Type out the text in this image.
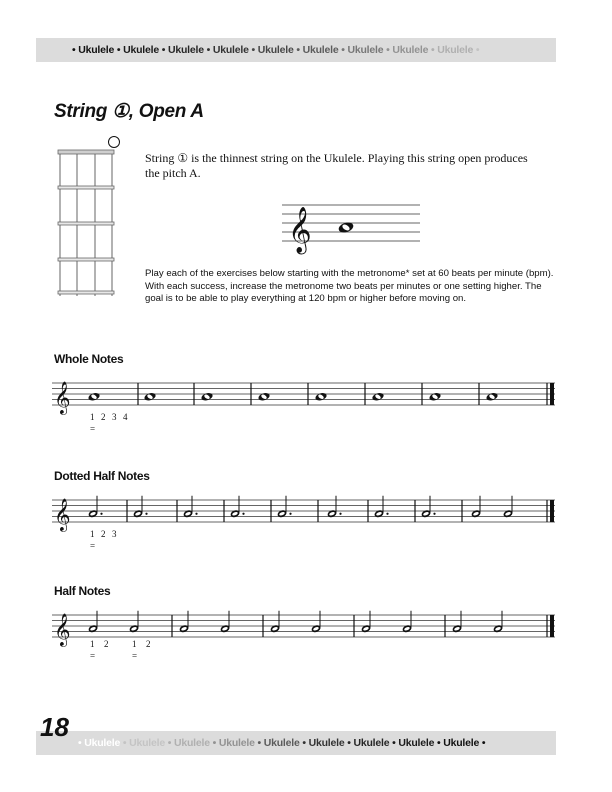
• Ukulele • Ukulele • Ukulele • Ukulele • Ukulele • Ukulele • Ukulele • Ukulele • Ukulele •
String ①, Open A
String ① is the thinnest string on the Ukulele. Playing this string open produces the pitch A.
𝄞
Play each of the exercises below starting with the metronome* set at 60 beats per minute (bpm). With each success, increase the metronome two beats per minutes or one setting higher. The goal is to be able to play everything at 120 bpm or higher before moving on.
Whole Notes
𝄞
1 2 3 4
=
Dotted Half Notes
𝄞
1 2 3
=
Half Notes
𝄞 1 2	1 2
=	=
• Ukulele • Ukulele • Ukulele • Ukulele • Ukulele • Ukulele • Ukulele • Ukulele • Ukulele •
18
